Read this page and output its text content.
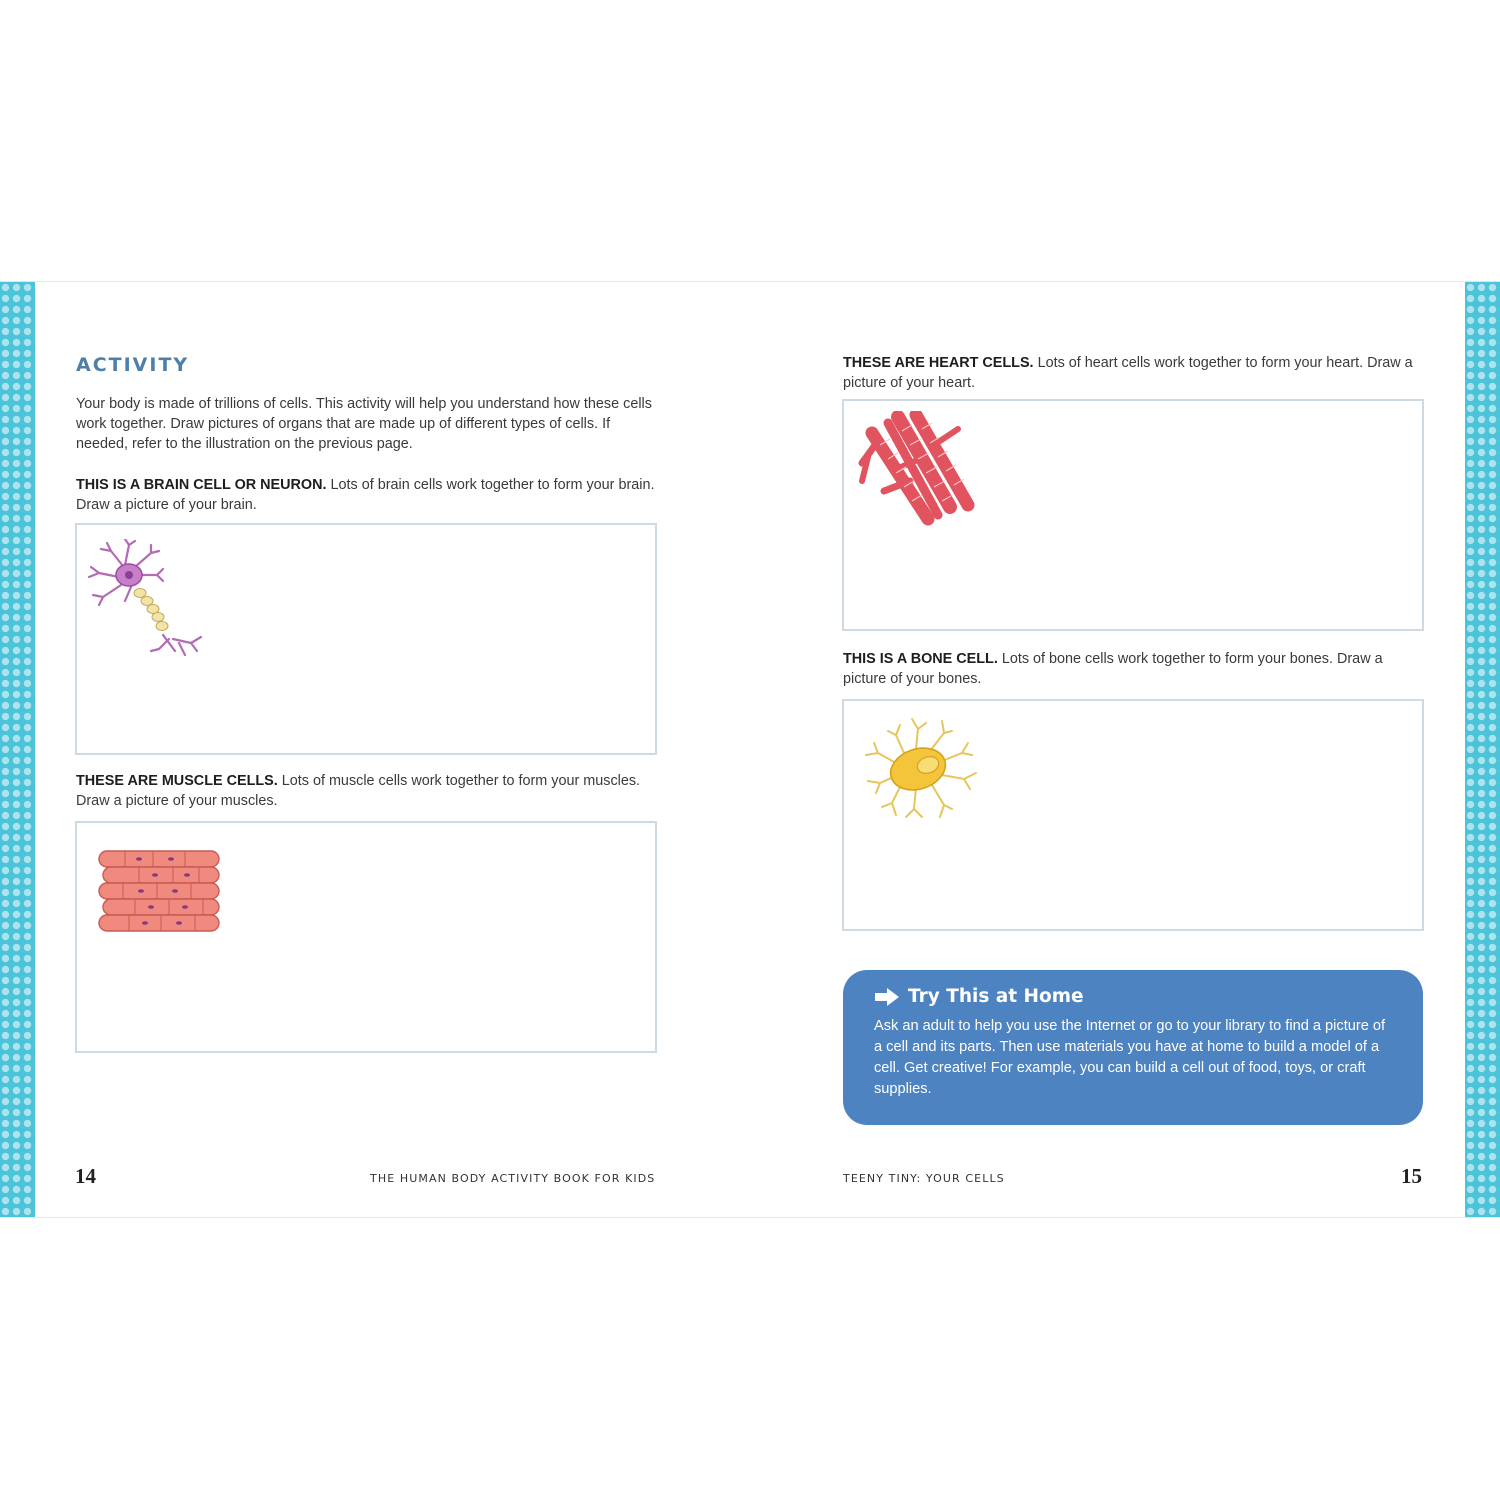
ACTIVITY

Your body is made of trillions of cells. This activity will help you understand how these cells work together. Draw pictures of organs that are made up of different types of cells. If needed, refer to the illustration on the previous page.

THIS IS A BRAIN CELL OR NEURON. Lots of brain cells work together to form your brain. Draw a picture of your brain.

THESE ARE MUSCLE CELLS. Lots of muscle cells work together to form your muscles. Draw a picture of your muscles.

14	THE HUMAN BODY ACTIVITY BOOK FOR KIDS

THESE ARE HEART CELLS. Lots of heart cells work together to form your heart. Draw a picture of your heart.

THIS IS A BONE CELL. Lots of bone cells work together to form your bones. Draw a picture of your bones.

Try This at Home

Ask an adult to help you use the Internet or go to your library to find a picture of a cell and its parts. Then use materials you have at home to build a model of a cell. Get creative! For example, you can build a cell out of food, toys, or craft supplies.

TEENY TINY: YOUR CELLS	15
